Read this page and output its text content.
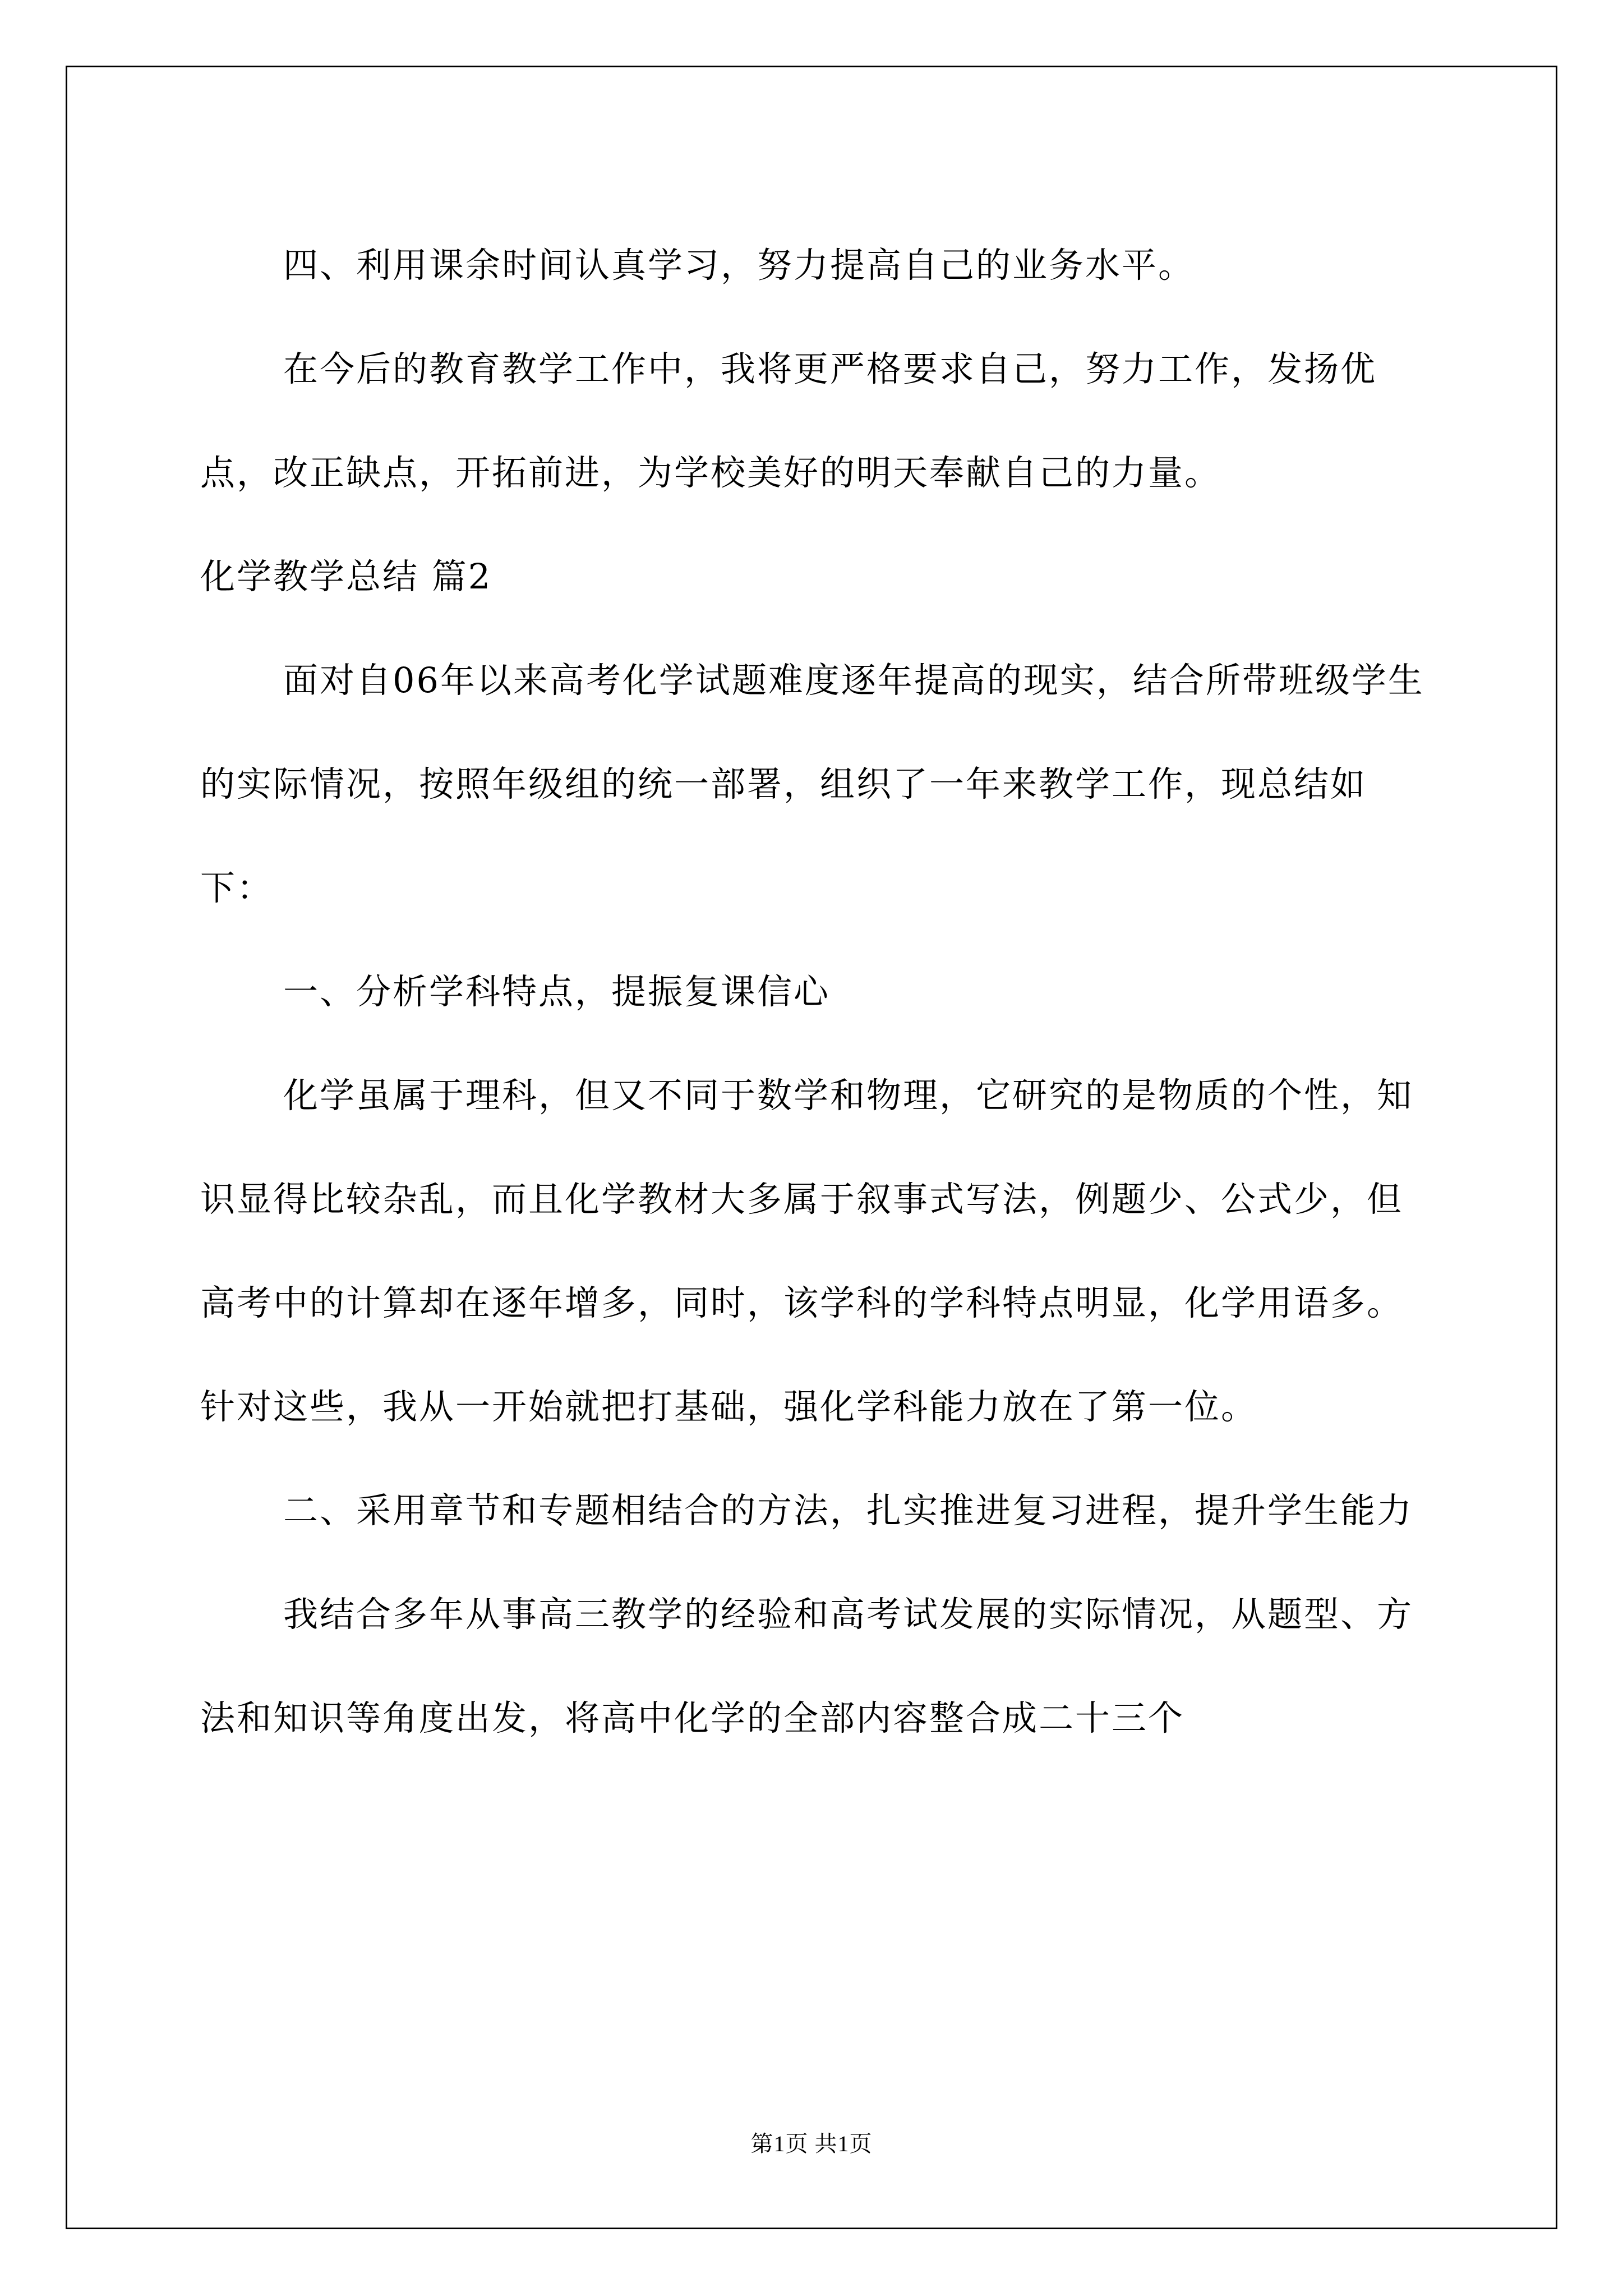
四、利用课余时间认真学习，努力提高自己的业务水平。

在今后的教育教学工作中，我将更严格要求自己，努力工作，发扬优点，改正缺点，开拓前进，为学校美好的明天奉献自己的力量。

化学教学总结 篇2

面对自06年以来高考化学试题难度逐年提高的现实，结合所带班级学生的实际情况，按照年级组的统一部署，组织了一年来教学工作，现总结如下：

一、分析学科特点，提振复课信心

化学虽属于理科，但又不同于数学和物理，它研究的是物质的个性，知识显得比较杂乱，而且化学教材大多属于叙事式写法，例题少、公式少，但高考中的计算却在逐年增多，同时，该学科的学科特点明显，化学用语多。针对这些，我从一开始就把打基础，强化学科能力放在了第一位。

二、采用章节和专题相结合的方法，扎实推进复习进程，提升学生能力

我结合多年从事高三教学的经验和高考试发展的实际情况，从题型、方法和知识等角度出发，将高中化学的全部内容整合成二十三个

第1页 共1页
